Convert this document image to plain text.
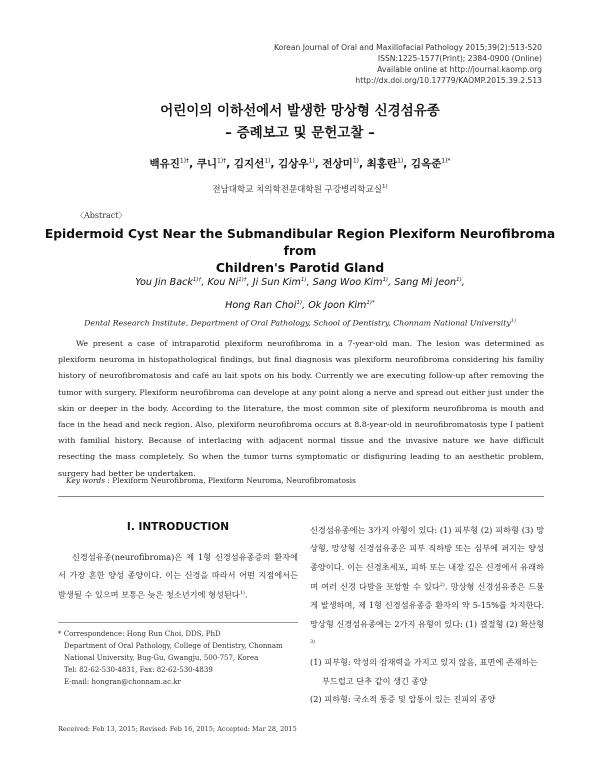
Korean Journal of Oral and Maxillofacial Pathology 2015;39(2):513-520
ISSN:1225-1577(Print); 2384-0900 (Online)
Available online at http://journal.kaomp.org
http://dx.doi.org/10.17779/KAOMP.2015.39.2.513
어린이의 이하선에서 발생한 망상형 신경섬유종
– 증례보고 및 문헌고찰 –
백유진$^{1)\dagger}$, 쿠니$^{1)\dagger}$, 김지선$^{1)}$, 김상우$^{1)}$, 전상미$^{1)}$, 최홍란$^{1)}$, 김옥준$^{1)*}$
전남대학교 치의학전문대학원 구강병리학교실$^{1)}$
〈Abstract〉
Epidermoid Cyst Near the Submandibular Region Plexiform Neurofibroma from
Children's Parotid Gland
You Jin Back$^{1)\dagger}$, Kou $Ni^{1)\dagger}$, Ji Sun Kim$^{1)}$, Sang Woo Kim$^{1)}$, Sang Mi Jeon$^{1)}$,
Hong Ran Choi$^{1)}$, Ok Joon Kim$^{1)*}$
Dental Research Institute, Department of Oral Pathology, School of Dentistry, Chonnam National University$^{1)}$

We present a case of intraparotid plexiform neurofibroma in a 7-year-old man. The lesion was determined as plexiform neuroma in histopathological findings, but final diagnosis was plexiform neurofibroma considering his familiy history of neurofibromatosis and café au lait spots on his body. Currently we are executing follow-up after removing the tumor with surgery. Plexiform neurofibroma can develope at any point along a nerve and spread out either just under the skin or deeper in the body. According to the literature, the most common site of plexiform neurofibroma is mouth and face in the head and neck region. Also, plexiform neurofibroma occurs at 8.8-year-old in neurofibromatosis type I patient with familial history. Because of interlacing with adjacent normal tissue and the invasive nature we have difficult resecting the mass completely. So when the tumor turns symptomatic or disfiguring leading to an aesthetic problem, surgery had better be undertaken.

Key words : Plexiform Neurofibroma, Plexiform Neuroma, Neurofibromatosis
Ⅰ. INTRODUCTION

신경섬유종(neurofibroma)은 제 1형 신경섬유종증의 환자에서 가장 흔한 양성 종양이다. 이는 신경을 따라서 어떤 지점에서든 발생될 수 있으며 보통은 늦은 청소년기에 형성된다$^{1)}$.

* Correspondence: Hong Run Choi, DDS, PhD
Department of Oral Pathology, College of Dentistry, Chonnam
National University, Bug-Gu, Gwangju, 500-757, Korea
Tel: 82-62-530-4831, Fax: 82-62-530-4839
E-mail: hongran@chonnam.ac.kr
Received: Feb 13, 2015; Revised: Feb 16, 2015; Accepted: Mar 28, 2015

신경섬유종에는 3가지 아형이 있다: (1) 피부형 (2) 피하형 (3) 망상형, 망상형 신경섬유종은 피부 직하방 또는 심부에 퍼지는 양성 종양이다. 이는 신경초세포, 피하 또는 내장 깊은 신경에서 유래하며 여러 신경 다발을 포함할 수 있다$^{2)}$. 망상형 신경섬유종은 드물게 발생하며, 제 1형 신경섬유종증 환자의 약 5-15%를 차지한다. 망상형 신경섬유종에는 2가지 유형이 있다: (1) 결절형 (2) 확산형$^{3)}$

(1) 피부형: 악성의 잠재력을 가지고 있지 않음, 표면에 존재하는 부드럽고 단추 같이 생긴 종양

(2) 피하형: 국소적 통증 및 압통이 있는 진피의 종양
